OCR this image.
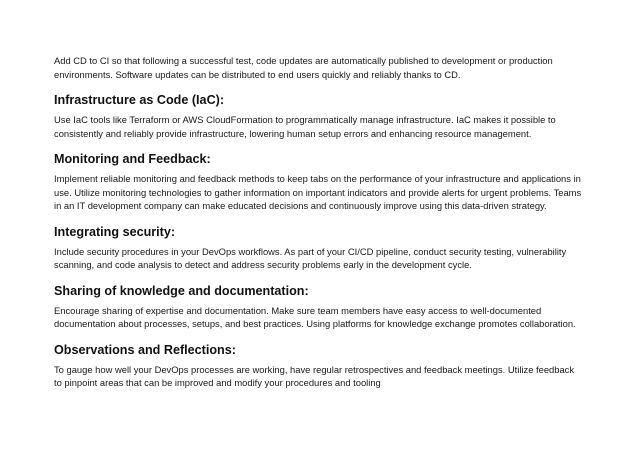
Add CD to CI so that following a successful test, code updates are automatically published to development or production environments. Software updates can be distributed to end users quickly and reliably thanks to CD.

Infrastructure as Code (IaC):

Use IaC tools like Terraform or AWS CloudFormation to programmatically manage infrastructure. IaC makes it possible to consistently and reliably provide infrastructure, lowering human setup errors and enhancing resource management.

Monitoring and Feedback:

Implement reliable monitoring and feedback methods to keep tabs on the performance of your infrastructure and applications in use. Utilize monitoring technologies to gather information on important indicators and provide alerts for urgent problems. Teams in an IT development company can make educated decisions and continuously improve using this data-driven strategy.

Integrating security:

Include security procedures in your DevOps workflows. As part of your CI/CD pipeline, conduct security testing, vulnerability scanning, and code analysis to detect and address security problems early in the development cycle.

Sharing of knowledge and documentation:

Encourage sharing of expertise and documentation. Make sure team members have easy access to well-documented documentation about processes, setups, and best practices. Using platforms for knowledge exchange promotes collaboration.

Observations and Reflections:

To gauge how well your DevOps processes are working, have regular retrospectives and feedback meetings. Utilize feedback to pinpoint areas that can be improved and modify your procedures and tooling
